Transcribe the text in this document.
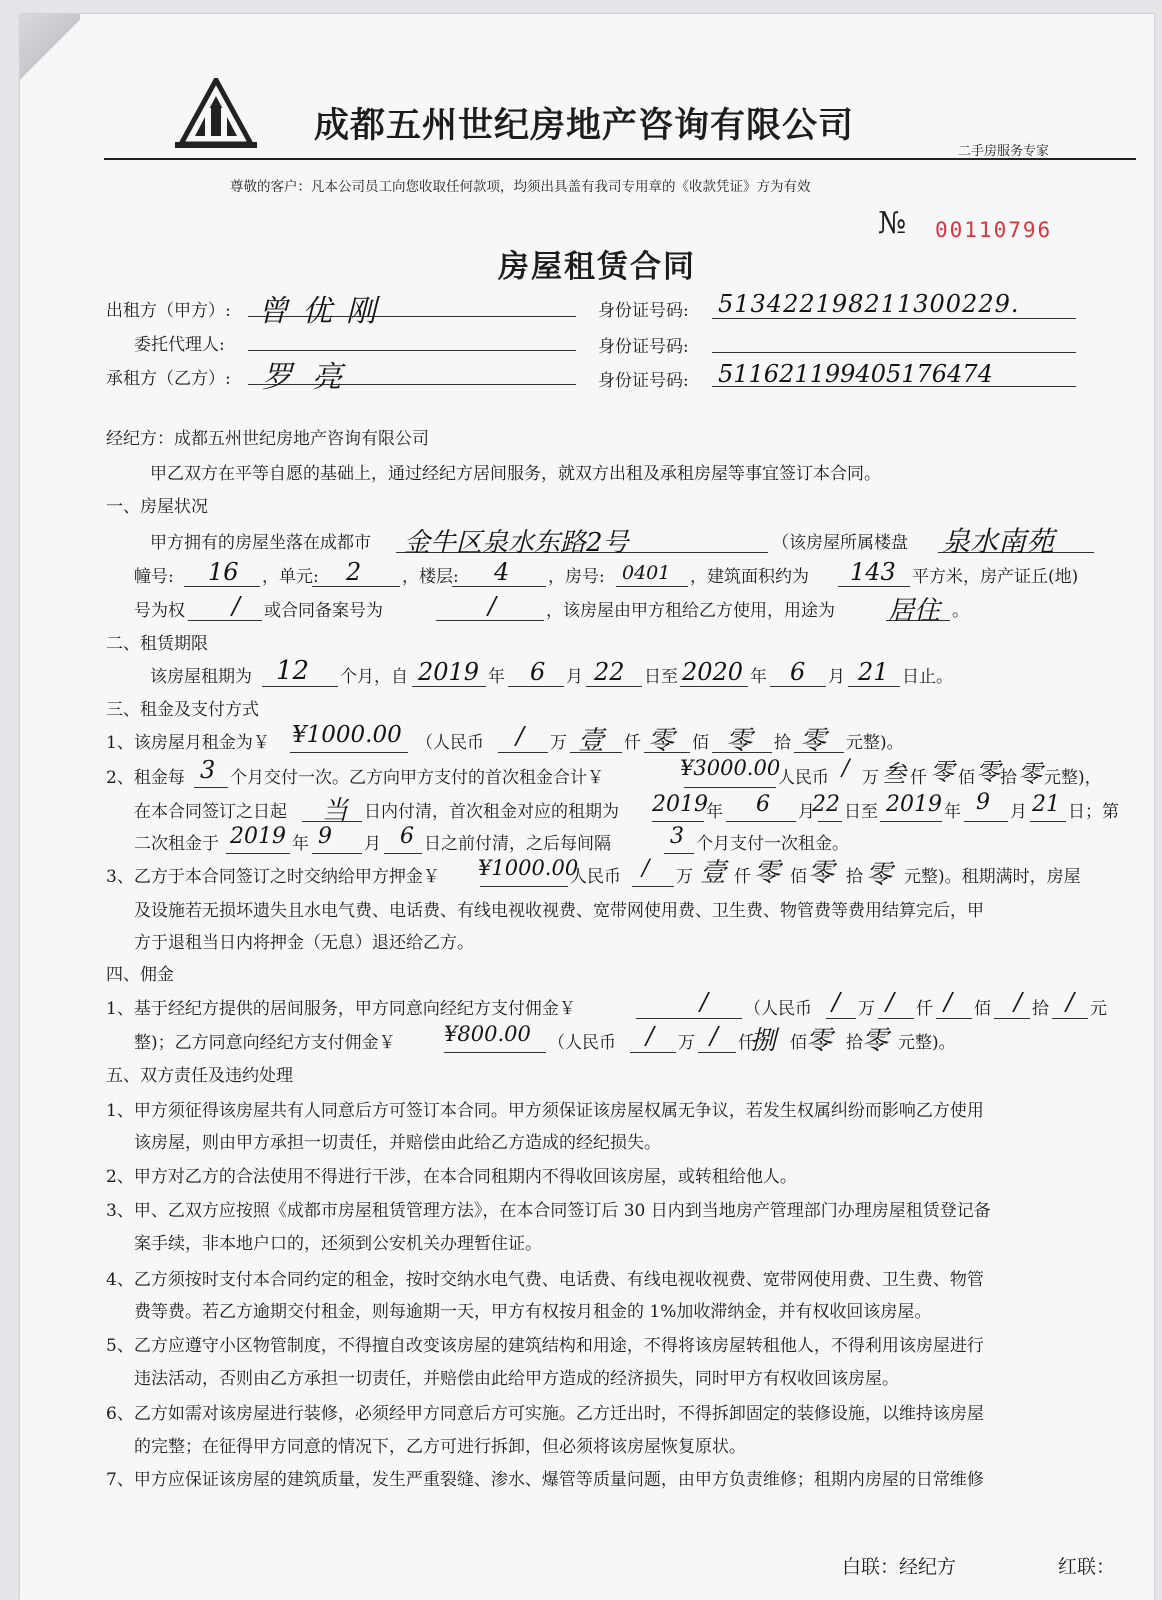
成都五州世纪房地产咨询有限公司
二手房服务专家
尊敬的客户：凡本公司员工向您收取任何款项，均须出具盖有我司专用章的《收款凭证》方为有效
№ 00110796
房屋租赁合同
出租方（甲方）: 曾优刚	身份证号码: 513422198211300229.
委托代理人:	身份证号码:
承租方（乙方）: 罗亮	身份证号码: 511621199405176474
经纪方：成都五州世纪房地产咨询有限公司
甲乙双方在平等自愿的基础上，通过经纪方居间服务，就双方出租及承租房屋等事宜签订本合同。
一、房屋状况
甲方拥有的房屋坐落在成都市 金牛区泉水东路2号	（该房屋所属楼盘 泉水南苑
幢号: 16 ，单元: 2 ，楼层: 4 ，房号: 0401 ，建筑面积约为 143 平方米，房产证丘(地)
号为权 / 或合同备案号为	/	，该房屋由甲方租给乙方使用，用途为 居住 。
二、租赁期限
该房屋租期为 12 个月，自 2019 年 6 月 22 日至 2020 年 6 月 21 日止。
三、租金及支付方式
1、该房屋月租金为￥ ¥1000.00 （人民币 / 万 壹 仟 零 佰 零 拾 零 元整)。
2、租金每 3 个月交付一次。乙方向甲方支付的首次租金合计￥	¥3000.00
人民币 / 万 叁 仟 零 佰 零 拾 零 元整)，
在本合同签订之日起 当 日内付清，首次租金对应的租期为 2019
年 6 月
22 日至 2019 年 9 月 21 日；第
二次租金于 2019 年 9 月 6 日之前付清，之后每间隔	3 个月支付一次租金。
3、乙方于本合同签订之时交纳给甲方押金￥ ¥1000.00
人民币 / 万 壹 仟 零 佰 零 拾 零 元整)。租期满时，房屋
及设施若无损坏遗失且水电气费、电话费、有线电视收视费、宽带网使用费、卫生费、物管费等费用结算完后，甲
方于退租当日内将押金（无息）退还给乙方。
四、佣金
1、基于经纪方提供的居间服务，甲方同意向经纪方支付佣金￥	/ （人民币 / 万 / 仟 / 佰 / 拾 / 元
整)；乙方同意向经纪方支付佣金￥ ¥800.00 （人民币 / 万 / 仟
捌 佰 零 拾 零 元整)。
五、双方责任及违约处理
1、甲方须征得该房屋共有人同意后方可签订本合同。甲方须保证该房屋权属无争议，若发生权属纠纷而影响乙方使用
该房屋，则由甲方承担一切责任，并赔偿由此给乙方造成的经纪损失。
2、甲方对乙方的合法使用不得进行干涉，在本合同租期内不得收回该房屋，或转租给他人。
3、甲、乙双方应按照《成都市房屋租赁管理方法》，在本合同签订后 30 日内到当地房产管理部门办理房屋租赁登记备
案手续，非本地户口的，还须到公安机关办理暂住证。
4、乙方须按时支付本合同约定的租金，按时交纳水电气费、电话费、有线电视收视费、宽带网使用费、卫生费、物管
费等费。若乙方逾期交付租金，则每逾期一天，甲方有权按月租金的 1%加收滞纳金，并有权收回该房屋。
5、乙方应遵守小区物管制度，不得擅自改变该房屋的建筑结构和用途，不得将该房屋转租他人，不得利用该房屋进行
违法活动，否则由乙方承担一切责任，并赔偿由此给甲方造成的经济损失，同时甲方有权收回该房屋。
6、乙方如需对该房屋进行装修，必须经甲方同意后方可实施。乙方迁出时，不得拆卸固定的装修设施，以维持该房屋
的完整；在征得甲方同意的情况下，乙方可进行拆卸，但必须将该房屋恢复原状。
7、甲方应保证该房屋的建筑质量，发生严重裂缝、渗水、爆管等质量问题，由甲方负责维修；租期内房屋的日常维修
白联：经纪方	红联：
